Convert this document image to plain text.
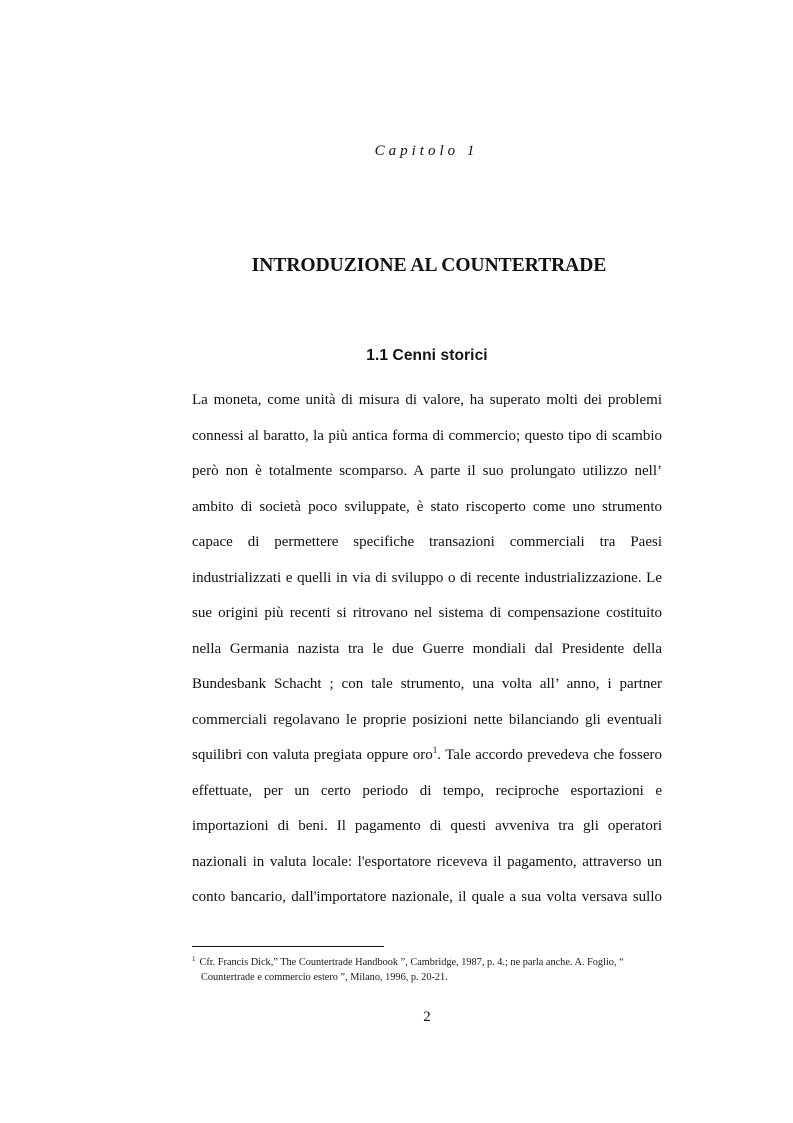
Capitolo 1
INTRODUZIONE AL COUNTERTRADE
1.1 Cenni storici
La moneta, come unità di misura di valore, ha superato molti dei problemi
connessi al baratto, la più antica forma di commercio; questo tipo di scambio
però non è totalmente scomparso. A parte il suo prolungato utilizzo nell’
ambito di società poco sviluppate, è stato riscoperto come uno strumento
capace di permettere specifiche transazioni commerciali tra Paesi
industrializzati e quelli in via di sviluppo o di recente industrializzazione. Le
sue origini più recenti si ritrovano nel sistema di compensazione costituito
nella Germania nazista tra le due Guerre mondiali dal Presidente della
Bundesbank Schacht ; con tale strumento, una volta all’ anno, i partner
commerciali regolavano le proprie posizioni nette bilanciando gli eventuali
squilibri con valuta pregiata oppure oro$^1$. Tale accordo prevedeva che fossero
effettuate, per un certo periodo di tempo, reciproche esportazioni e
importazioni di beni. Il pagamento di questi avveniva tra gli operatori
nazionali in valuta locale: l'esportatore riceveva il pagamento, attraverso un
conto bancario, dall'importatore nazionale, il quale a sua volta versava sullo
$^1$ Cfr. Francis Dick,” The Countertrade Handbook ”, Cambridge, 1987, p. 4.; ne parla anche. A. Foglio, “
Countertrade e commercio estero ”, Milano, 1996, p. 20-21.
2
